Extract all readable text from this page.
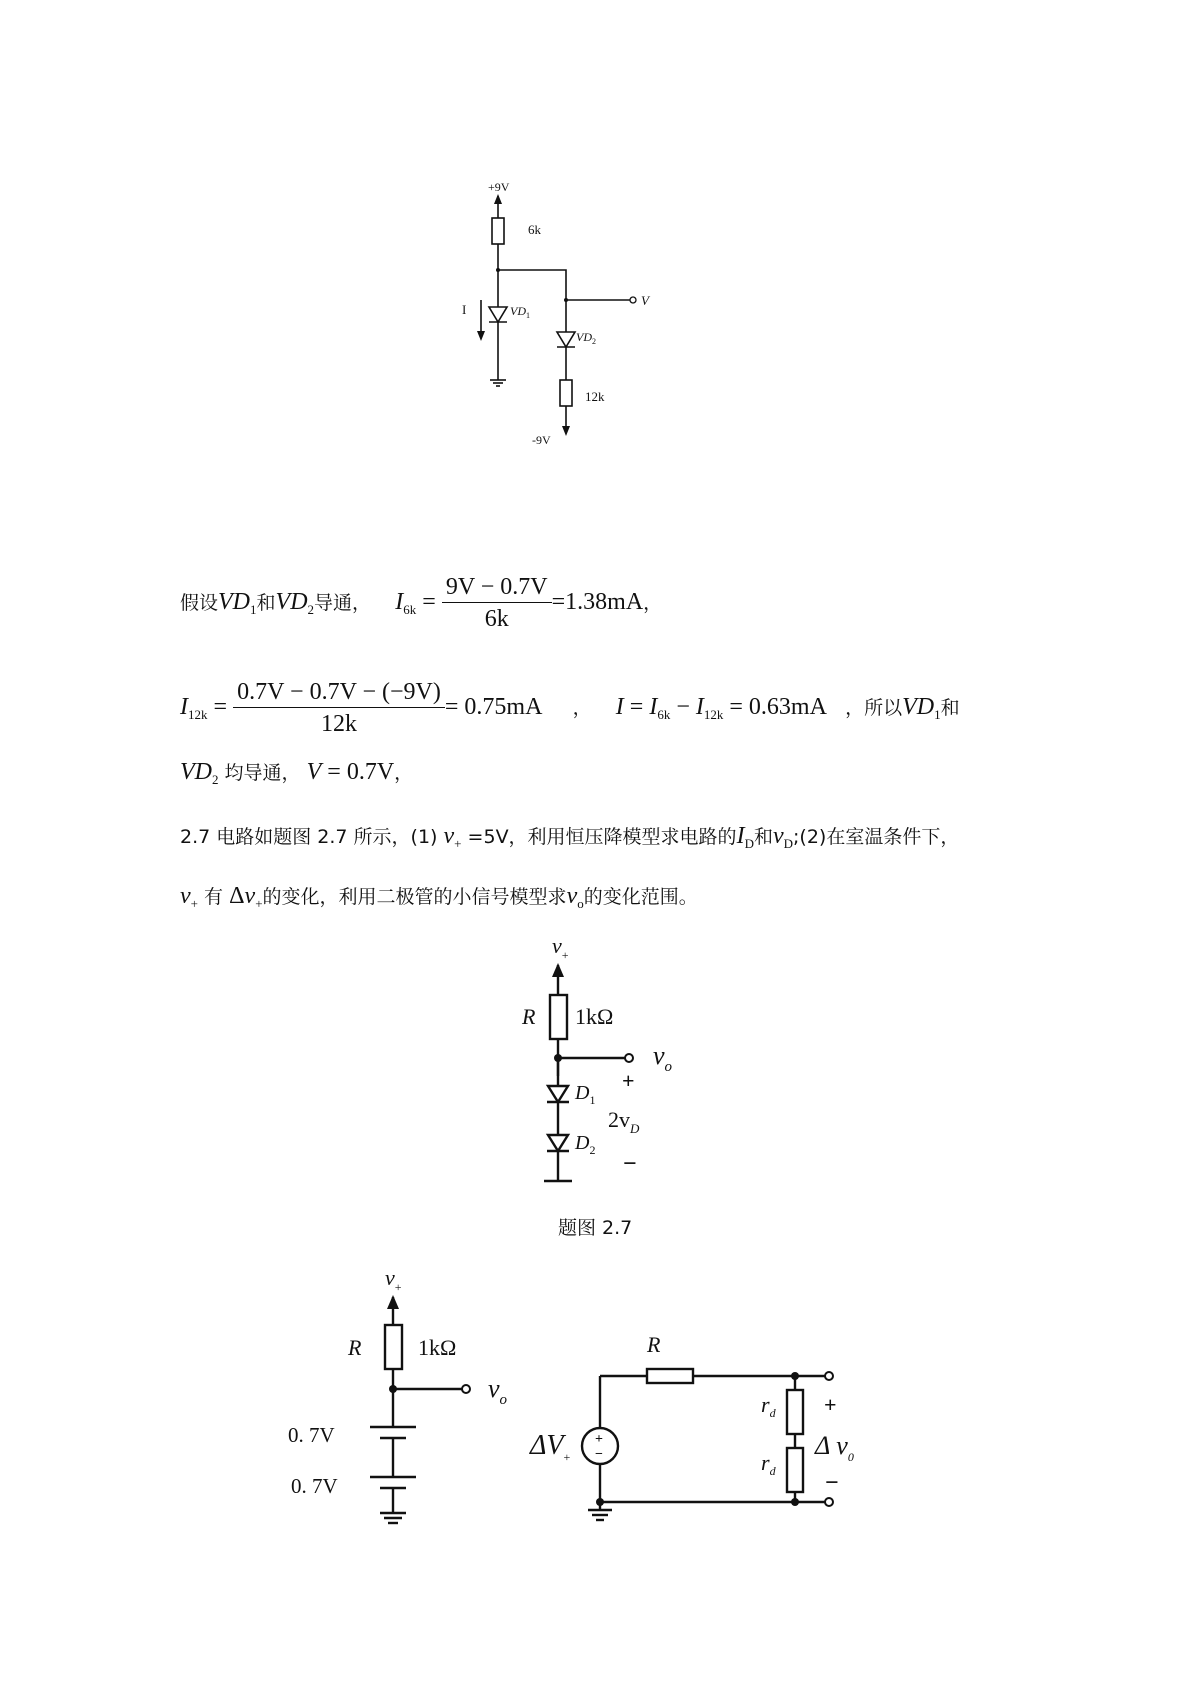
+9V
6k
V
$VD_1$
I
$VD_2$
12k
-9V
假设$VD_1$和$VD_2$导通， $I_{6k} = \frac{9V - 0.7V}{6k} =1.38mA$，
$I_{12k} = \frac{0.7V - 0.7V - (-9V)}{12k} = 0.75mA$ ， $I = I_{6k} - I_{12k} = 0.63mA$ ，所以$VD_1$和
$VD_2$ 均导通， V = 0.7V，
2.7 电路如题图 2.7 所示，(1) $v_+ =5V$，利用恒压降模型求电路的$I_D$和$v_D;(2)$在室温条件下，
$v_+$ 有 $\Delta v_+$的变化，利用二极管的小信号模型求$v_o$的变化范围。
$v_+$
R 1kΩ
$v_o$
+
$D_1$
$2v_D$
$D_2$
−
题图 2.7
$v_+$
R	1kΩ
$v_o$
0. 7V
0. 7V
R
+
−
$\Delta V_+$
$r_d$
$r_d$
+
Δ $v_0$
−
